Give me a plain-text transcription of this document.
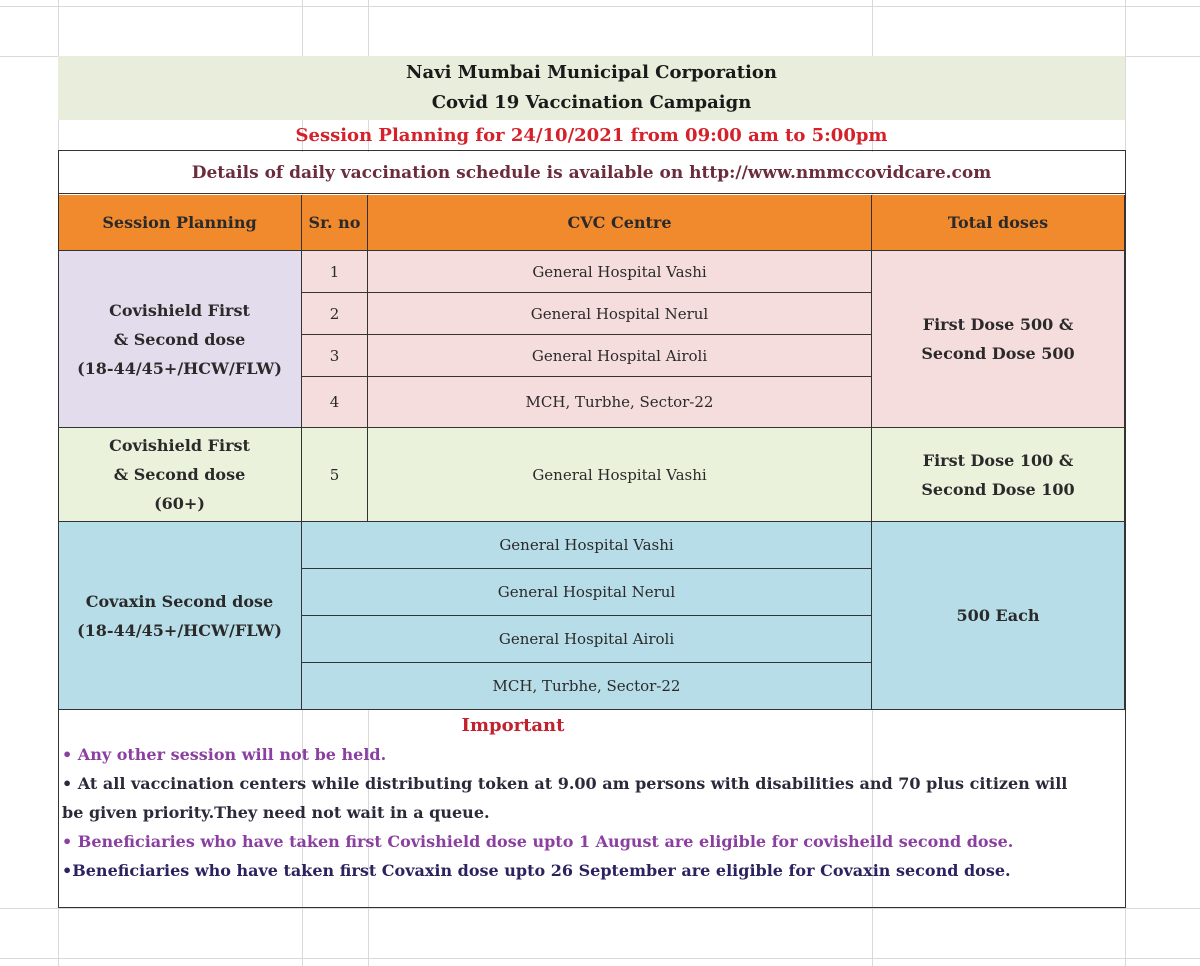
Navi Mumbai Municipal Corporation
Covid 19 Vaccination Campaign
Session Planning for 24/10/2021 from 09:00 am to 5:00pm
Details of daily vaccination schedule is available on http://www.nmmccovidcare.com
Session Planning	Sr. no	CVC Centre	Total doses
Covishield First
& Second dose
(18-44/45+/HCW/FLW)
1	General Hospital Vashi
2	General Hospital Nerul
3	General Hospital Airoli
4	MCH, Turbhe, Sector-22
First Dose 500 &
Second Dose 500
Covishield First
& Second dose
(60+)
5	General Hospital Vashi
First Dose 100 &
Second Dose 100
Covaxin Second dose
(18-44/45+/HCW/FLW)
General Hospital Vashi
General Hospital Nerul
General Hospital Airoli
MCH, Turbhe, Sector-22
500 Each
Important
• Any other session will not be held.
• At all vaccination centers while distributing token at 9.00 am persons with disabilities and 70 plus citizen will
be given priority.They need not wait in a queue.
• Beneficiaries who have taken first Covishield dose upto 1 August are eligible for covisheild second dose.
•Beneficiaries who have taken first Covaxin dose upto 26 September are eligible for Covaxin second dose.
